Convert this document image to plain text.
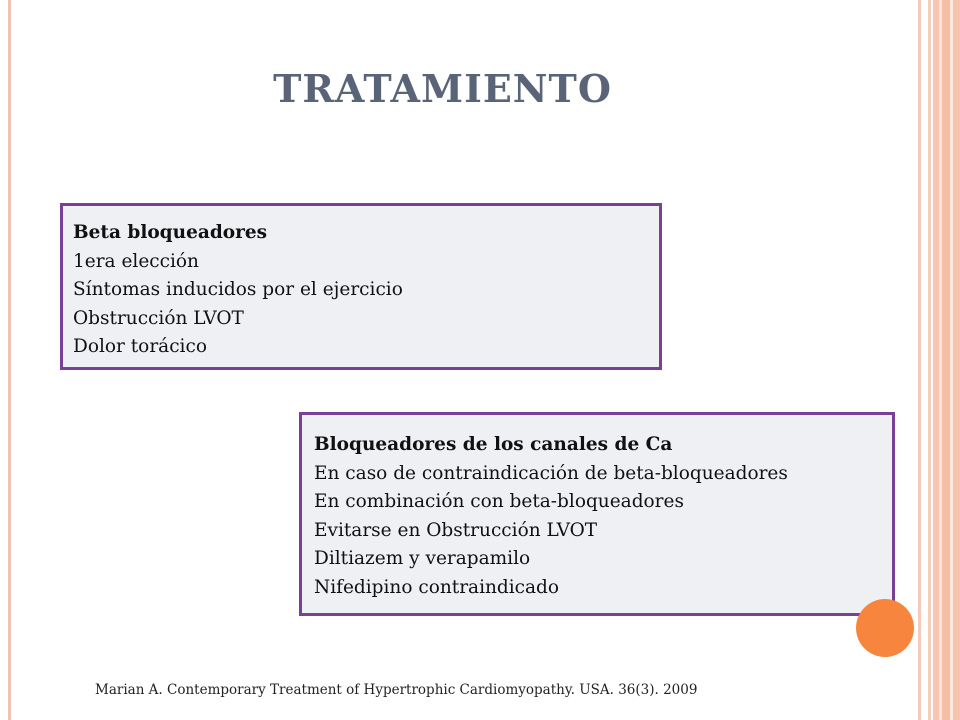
TRATAMIENTO
Beta bloqueadores
1era elección
Síntomas inducidos por el ejercicio
Obstrucción LVOT
Dolor torácico
Bloqueadores de los canales de Ca
En caso de contraindicación de beta-bloqueadores
En combinación con beta-bloqueadores
Evitarse en Obstrucción LVOT
Diltiazem y verapamilo
Nifedipino contraindicado
Marian A. Contemporary Treatment of Hypertrophic Cardiomyopathy. USA. 36(3). 2009
